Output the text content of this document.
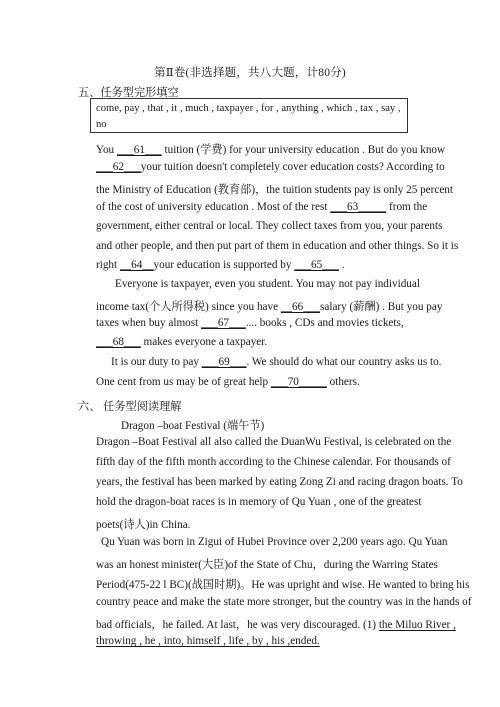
第Ⅱ卷(非选择题，共八大题，计80分)
五、任务型完形填空
come, pay , that , it , much , taxpayer , for , anything , which , tax , say ,
no
You ___61___ tuition (学费) for your university education . But do you know
___62___your tuition doesn't completely cover education costs? According to
the Ministry of Education (教育部)，the tuition students pay is only 25 percent
of the cost of university education . Most of the rest ___63_____ from the
government, either central or local. They collect taxes from you, your parents
and other people, and then put part of them in education and other things. So it is
right __64__your education is supported by ___65___ .
Everyone is taxpayer, even you student. You may not pay individual
income tax(个人所得税) since you have __66___salary (薪酬) . But you pay
taxes when buy almost ___67___.... books , CDs and movies tickets,
___68___ makes everyone a taxpayer.
It is our duty to pay ___69___. We should do what our country asks us to.
One cent from us may be of great help ___70_____ others.
六、 任务型阅读理解
Dragon –boat Festival (端午节)
Dragon –Boat Festival all also called the DuanWu Festival, is celebrated on the
fifth day of the fifth month according to the Chinese calendar. For thousands of
years, the festival has been marked by eating Zong Zi and racing dragon boats. To
hold the dragon-boat races is in memory of Qu Yuan , one of the greatest
poets(诗人)in China.
Qu Yuan was born in Zigui of Hubei Province over 2,200 years ago. Qu Yuan
was an honest minister(大臣)of the State of Chu，during the Warring States
Period(475-22 l BC)(战国时期)。He was upright and wise. He wanted to bring his
country peace and make the state more stronger, but the country was in the hands of
bad officials，he failed. At last，he was very discouraged. (1) the Miluo River ,
throwing , he , into, himself , life , by , his ,ended.
